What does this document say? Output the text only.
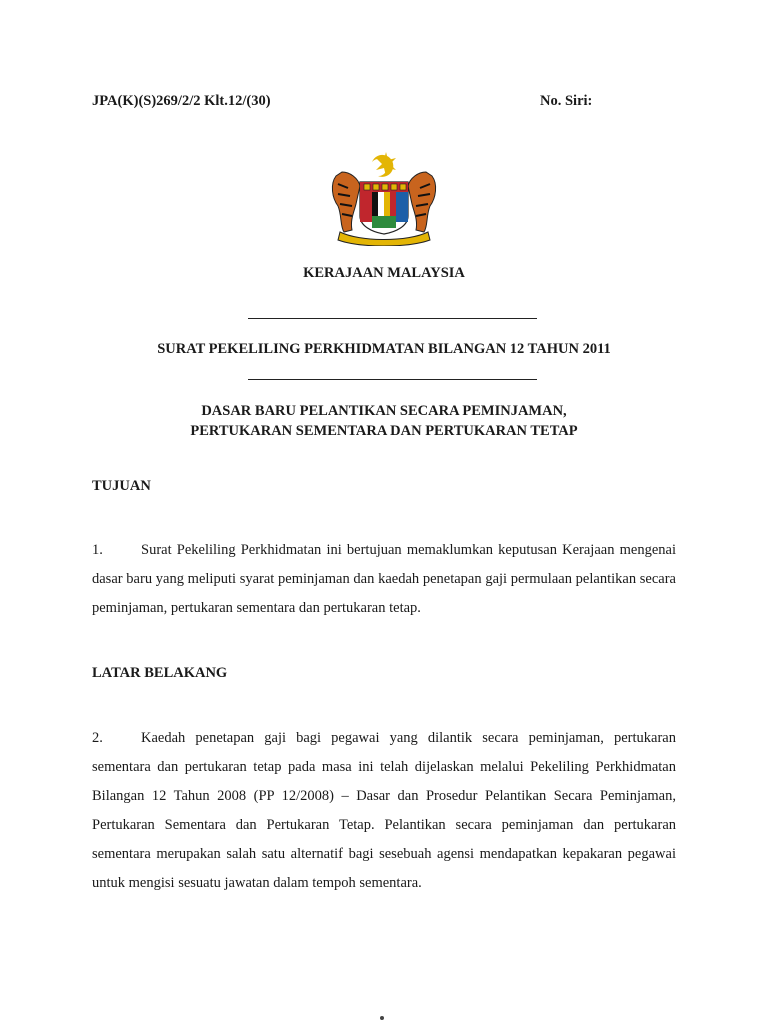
JPA(K)(S)269/2/2 Klt.12/(30)	No. Siri:
KERAJAAN MALAYSIA
SURAT PEKELILING PERKHIDMATAN BILANGAN 12 TAHUN 2011
DASAR BARU PELANTIKAN SECARA PEMINJAMAN,
PERTUKARAN SEMENTARA DAN PERTUKARAN TETAP
TUJUAN
1.	Surat Pekeliling Perkhidmatan ini bertujuan memaklumkan keputusan Kerajaan mengenai dasar baru yang meliputi syarat peminjaman dan kaedah penetapan gaji permulaan pelantikan secara peminjaman, pertukaran sementara dan pertukaran tetap.
LATAR BELAKANG
2.	Kaedah penetapan gaji bagi pegawai yang dilantik secara peminjaman, pertukaran sementara dan pertukaran tetap pada masa ini telah dijelaskan melalui Pekeliling Perkhidmatan Bilangan 12 Tahun 2008 (PP 12/2008) – Dasar dan Prosedur Pelantikan Secara Peminjaman, Pertukaran Sementara dan Pertukaran Tetap. Pelantikan secara peminjaman dan pertukaran sementara merupakan salah satu alternatif bagi sesebuah agensi mendapatkan kepakaran pegawai untuk mengisi sesuatu jawatan dalam tempoh sementara.
